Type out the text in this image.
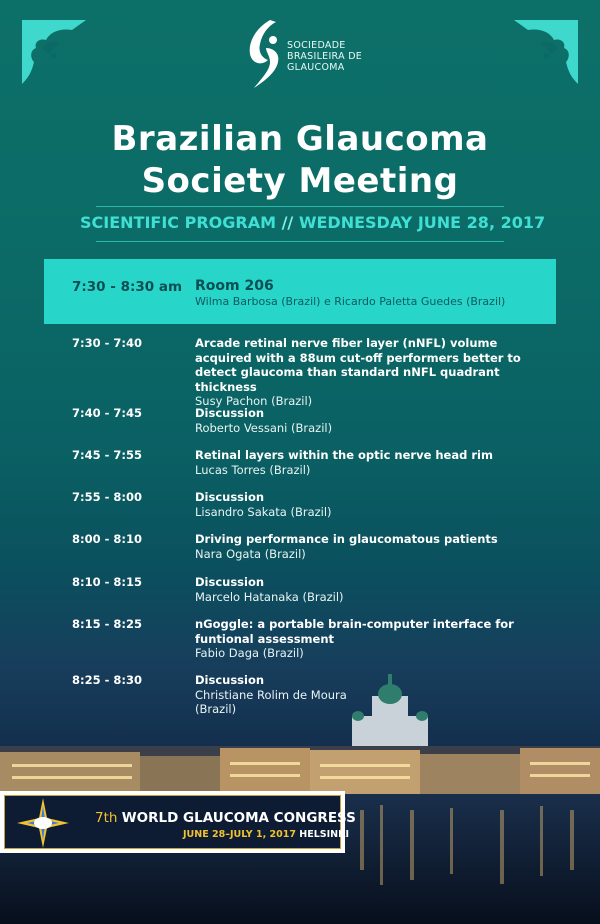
SOCIEDADE
BRASILEIRA DE
GLAUCOMA
Brazilian Glaucoma
Society Meeting
SCIENTIFIC PROGRAM // WEDNESDAY JUNE 28, 2017
7:30 - 8:30 am Room 206
Wilma Barbosa (Brazil) e Ricardo Paletta Guedes (Brazil)
7:30 - 7:40	Arcade retinal nerve fiber layer (nNFL) volume acquired with a 88um cut-off performers better to detect glaucoma than standard nNFL quadrant thickness
Susy Pachon (Brazil)
7:40 - 7:45	Discussion
Roberto Vessani (Brazil)
7:45 - 7:55	Retinal layers within the optic nerve head rim
Lucas Torres (Brazil)
7:55 - 8:00	Discussion
Lisandro Sakata (Brazil)
8:00 - 8:10	Driving performance in glaucomatous patients
Nara Ogata (Brazil)
8:10 - 8:15	Discussion
Marcelo Hatanaka (Brazil)
8:15 - 8:25	nGoggle: a portable brain-computer interface for funtional assessment
Fabio Daga (Brazil)
8:25 - 8:30	Discussion
Christiane Rolim de Moura (Brazil)
7th WORLD GLAUCOMA CONGRESS
JUNE 28–JULY 1, 2017 HELSINKI
